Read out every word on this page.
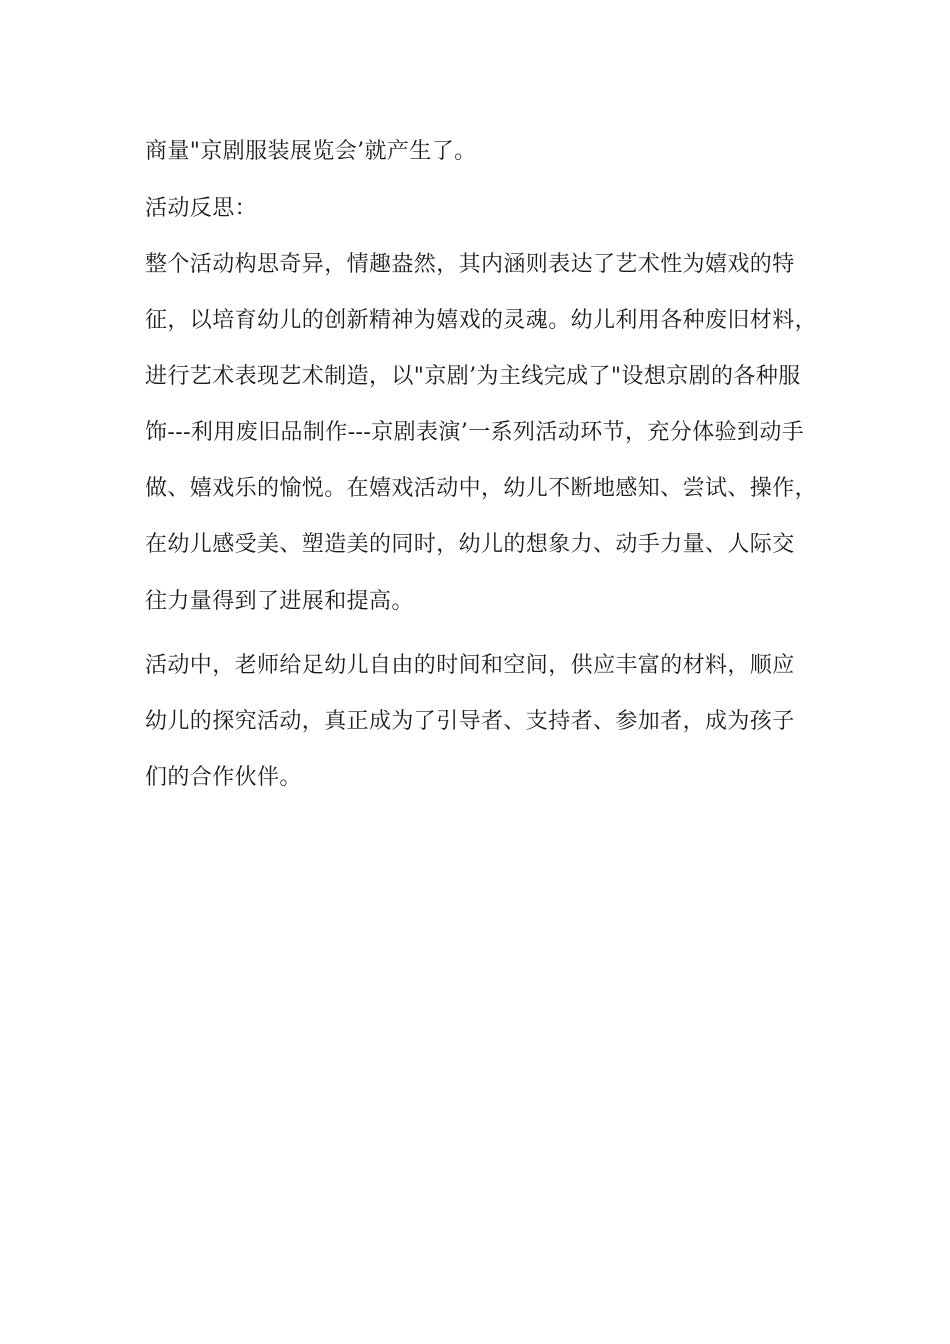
商量"京剧服装展览会’就产生了。

活动反思：

整个活动构思奇异，情趣盎然，其内涵则表达了艺术性为嬉戏的特

征，以培育幼儿的创新精神为嬉戏的灵魂。幼儿利用各种废旧材料，

进行艺术表现艺术制造，以"京剧’为主线完成了"设想京剧的各种服

饰---利用废旧品制作---京剧表演’一系列活动环节，充分体验到动手

做、嬉戏乐的愉悦。在嬉戏活动中，幼儿不断地感知、尝试、操作，

在幼儿感受美、塑造美的同时，幼儿的想象力、动手力量、人际交

往力量得到了进展和提高。

活动中，老师给足幼儿自由的时间和空间，供应丰富的材料，顺应

幼儿的探究活动，真正成为了引导者、支持者、参加者，成为孩子

们的合作伙伴。
